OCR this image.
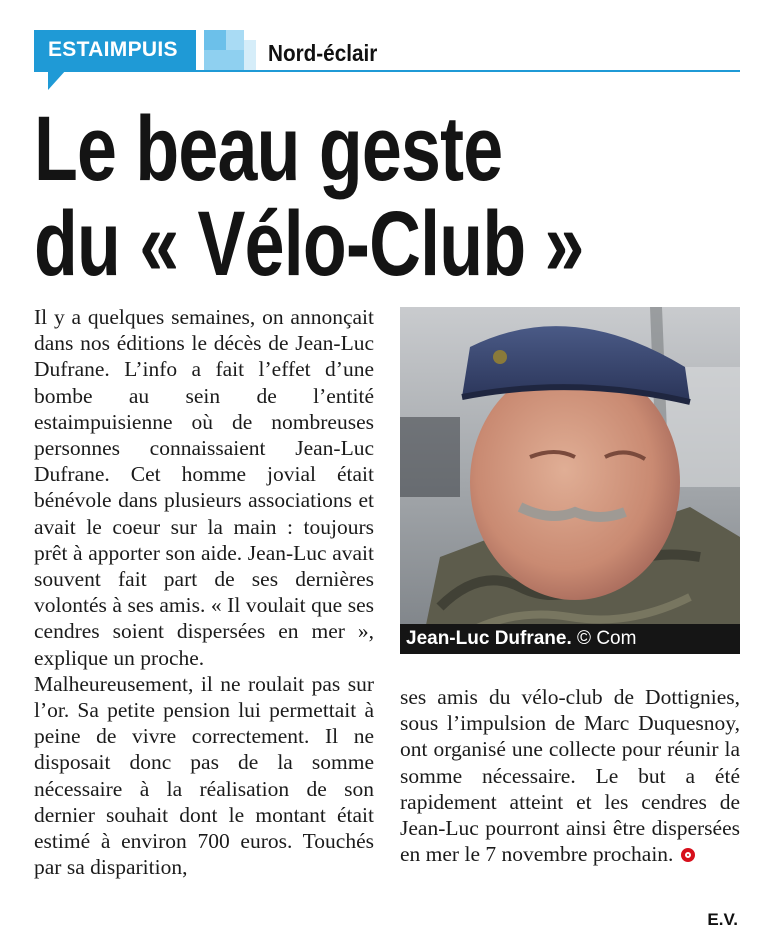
ESTAIMPUIS	Nord-éclair
Le beau geste
du « Vélo-Club »

Il y a quelques semaines, on annonçait dans nos éditions le décès de Jean-Luc Dufrane. L’info a fait l’effet d’une bombe au sein de l’entité estaimpuisienne où de nombreuses personnes connaissaient Jean-Luc Dufrane. Cet homme jovial était bénévole dans plusieurs associations et avait le coeur sur la main : toujours prêt à apporter son aide. Jean-Luc avait souvent fait part de ses dernières volontés à ses amis. « Il voulait que ses cendres soient dispersées en mer », explique un proche.

Malheureusement, il ne roulait pas sur l’or. Sa petite pension lui permettait à peine de vivre correctement. Il ne disposait donc pas de la somme nécessaire à la réalisation de son dernier souhait dont le montant était estimé à environ 700 euros. Touchés par sa disparition,

Jean-Luc Dufrane. © Com

ses amis du vélo-club de Dottignies, sous l’impulsion de Marc Duquesnoy, ont organisé une collecte pour réunir la somme nécessaire. Le but a été rapidement atteint et les cendres de Jean-Luc pourront ainsi être dispersées en mer le 7 novembre prochain.

E.V.
